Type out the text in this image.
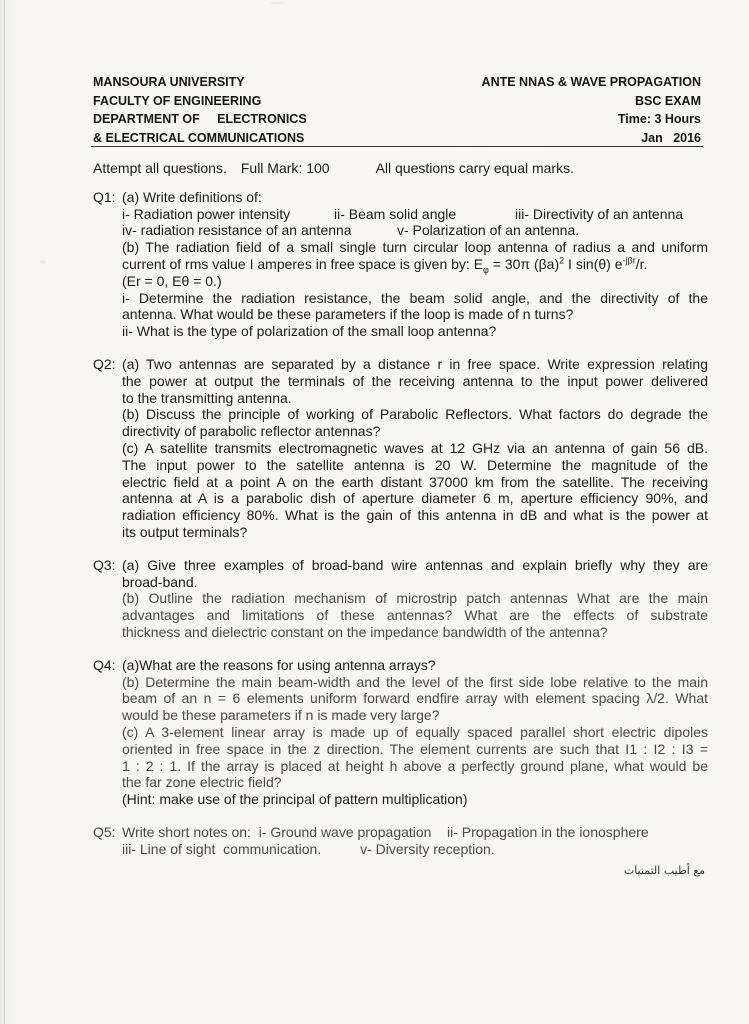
MANSOURA UNIVERSITY
FACULTY OF ENGINEERING
DEPARTMENT OF     ELECTRONICS
& ELECTRICAL COMMUNICATIONS
ANTE NNAS & WAVE PROPAGATION
BSC EXAM
Time: 3 Hours
Jan   2016
Attempt all questions. Full Mark: 100	All questions carry equal marks.
Q1: (a) Write definitions of:
i- Radiation power intensity	ii- Beam solid angle	iii- Directivity of an antenna
iv- radiation resistance of an antenna	v- Polarization of an antenna.
(b) The radiation field of a small single turn circular loop antenna of radius a and uniform
current of rms value I amperes in free space is given by: $E_\varphi = 30\pi$ $(\beta a)^2$ I sin(θ) $e^{-j\beta r}/r$.
(Er = 0, Eθ = 0.)
i- Determine the radiation resistance, the beam solid angle, and the directivity of the
antenna. What would be these parameters if the loop is made of n turns?
ii- What is the type of polarization of the small loop antenna?
Q2: (a) Two antennas are separated by a distance r in free space. Write expression relating
the power at output the terminals of the receiving antenna to the input power delivered
to the transmitting antenna.
(b) Discuss the principle of working of Parabolic Reflectors. What factors do degrade the
directivity of parabolic reflector antennas?
(c) A satellite transmits electromagnetic waves at 12 GHz via an antenna of gain 56 dB.
The input power to the satellite antenna is 20 W. Determine the magnitude of the
electric field at a point A on the earth distant 37000 km from the satellite. The receiving
antenna at A is a parabolic dish of aperture diameter 6 m, aperture efficiency 90%, and
radiation efficiency 80%. What is the gain of this antenna in dB and what is the power at
its output terminals?
Q3: (a) Give three examples of broad-band wire antennas and explain briefly why they are
broad-band.
(b) Outline the radiation mechanism of microstrip patch antennas What are the main
advantages and limitations of these antennas? What are the effects of substrate
thickness and dielectric constant on the impedance bandwidth of the antenna?
Q4: (a)What are the reasons for using antenna arrays?
(b) Determine the main beam-width and the level of the first side lobe relative to the main
beam of an n = 6 elements uniform forward endfire array with element spacing λ/2. What
would be these parameters if n is made very large?
(c) A 3-element linear array is made up of equally spaced parallel short electric dipoles
oriented in free space in the z direction. The element currents are such that I1 : I2 : I3 =
1 : 2 : 1. If the array is placed at height h above a perfectly ground plane, what would be
the far zone electric field?
(Hint: make use of the principal of pattern multiplication)
Q5: Write short notes on:  i- Ground wave propagation    ii- Propagation in the ionosphere
iii- Line of sight  communication.          v- Diversity reception.
مع أطيب التمنيات
